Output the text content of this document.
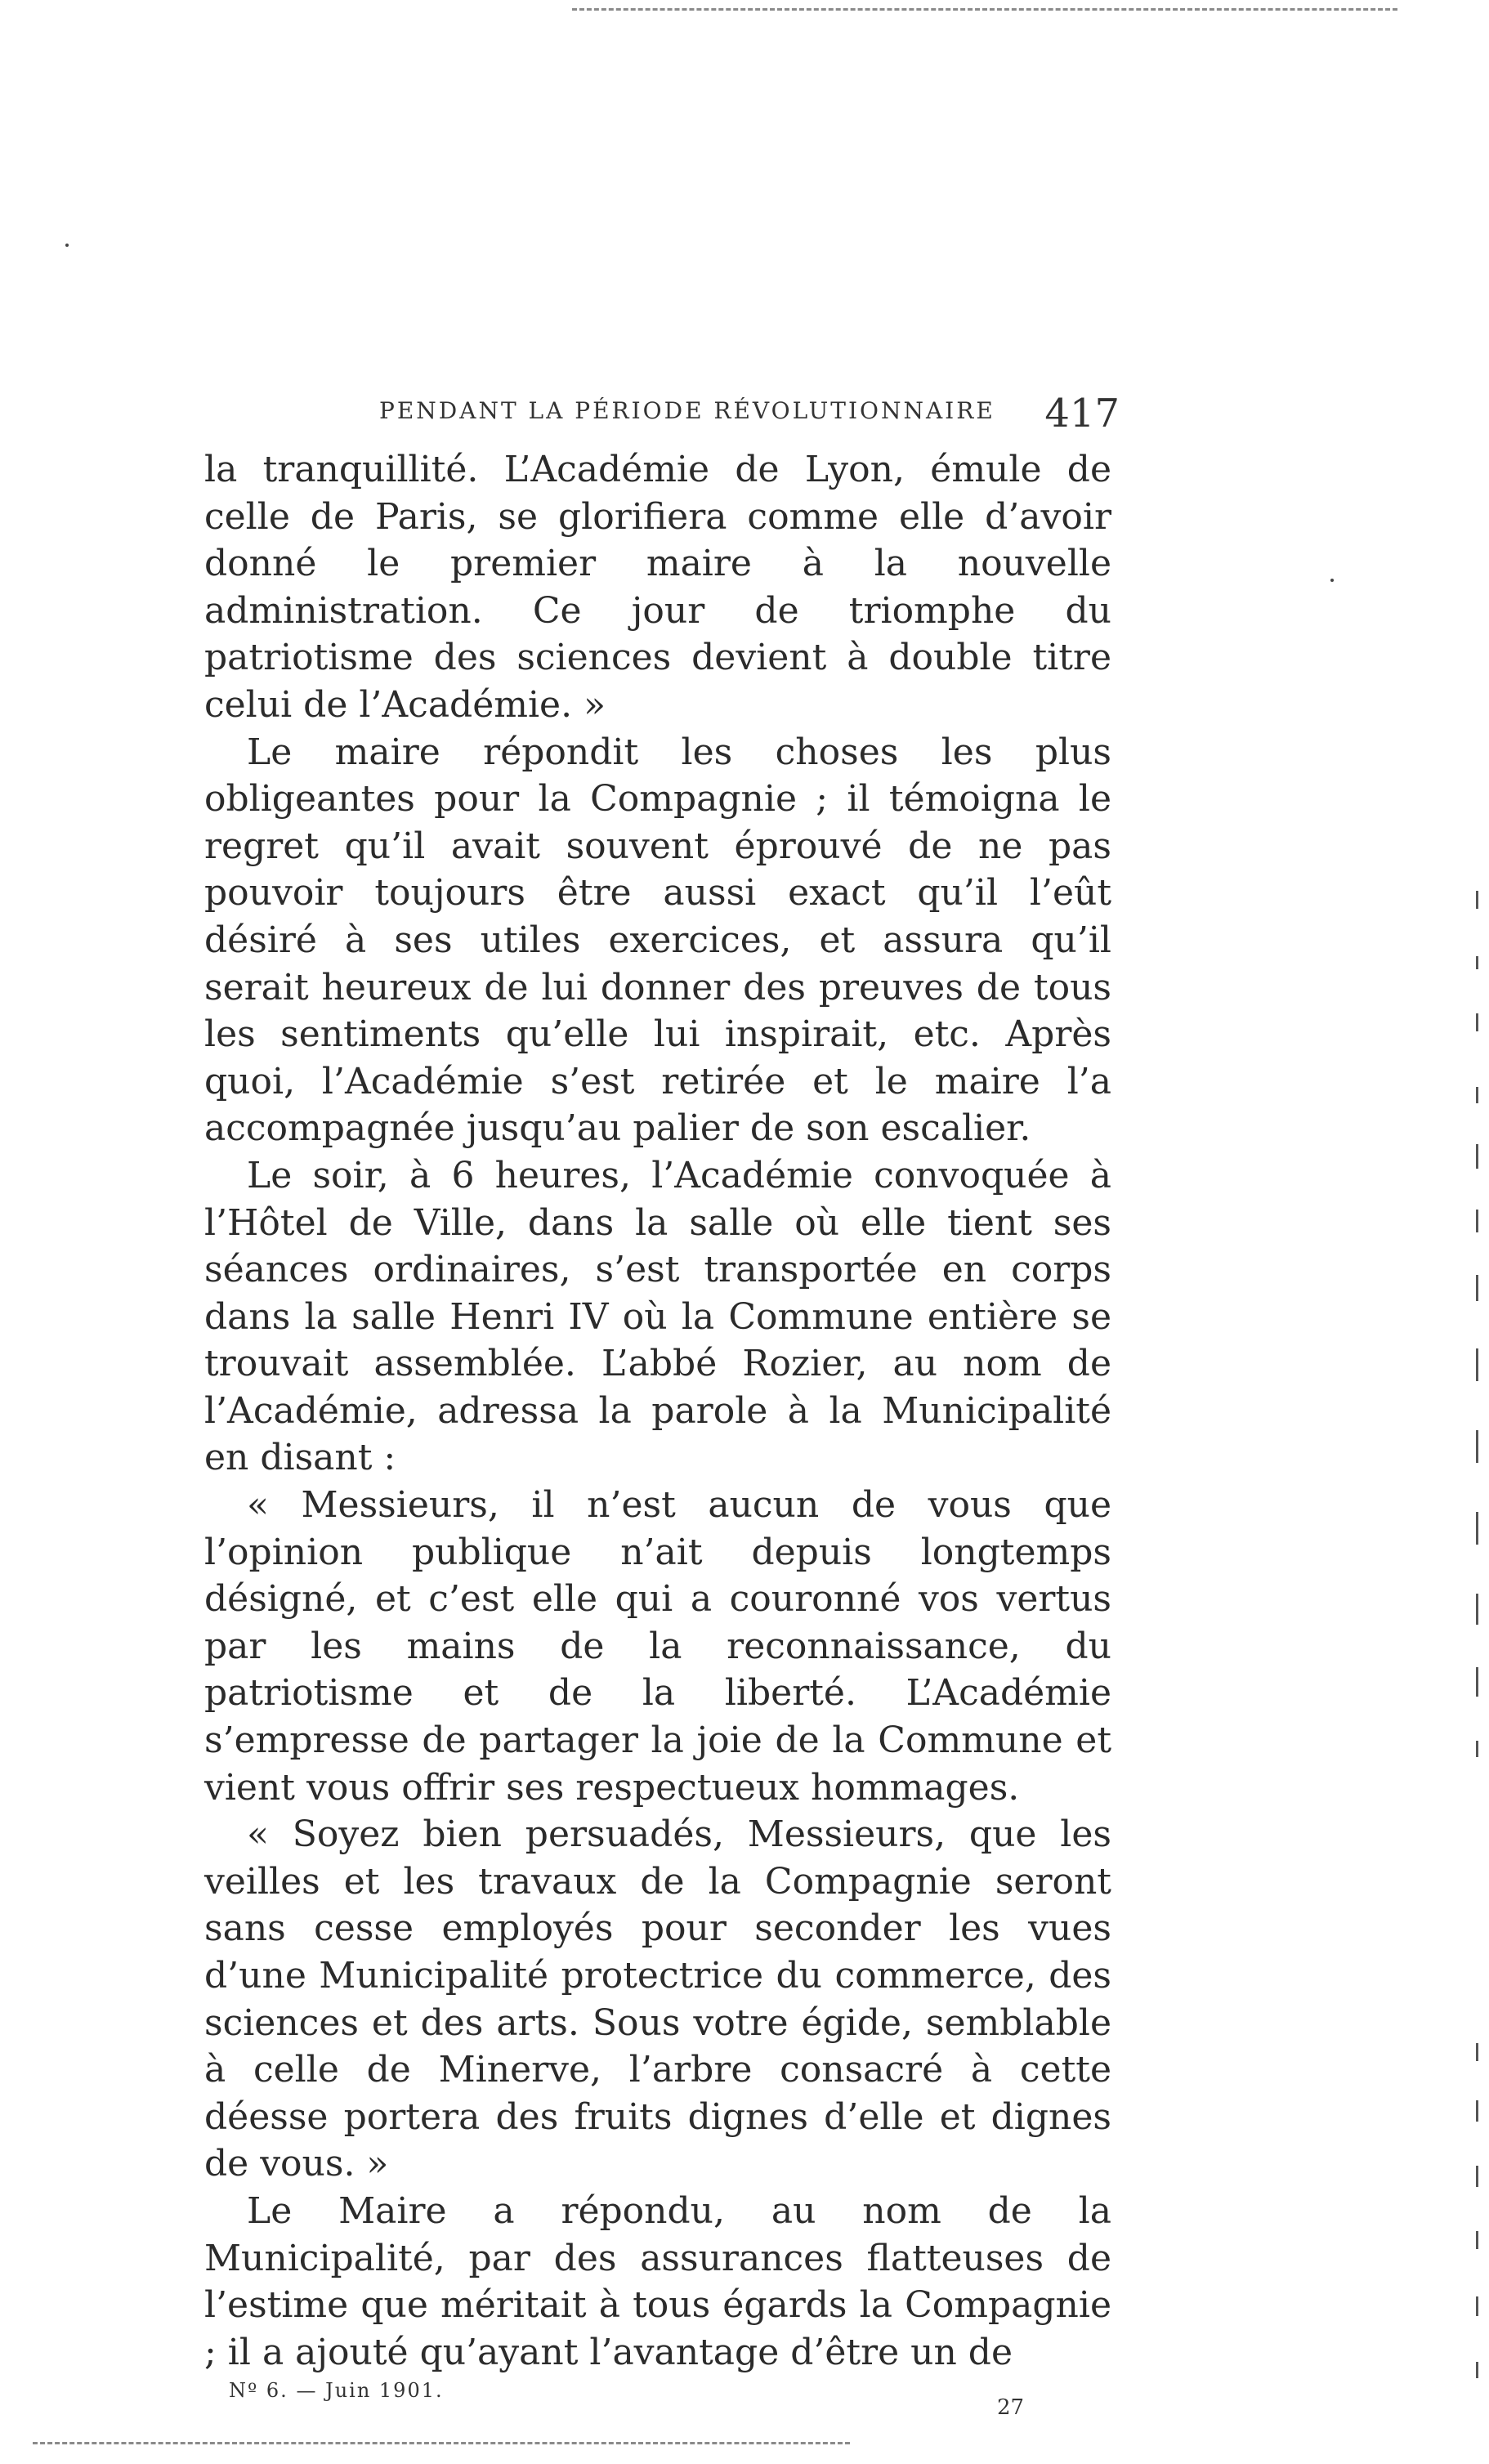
PENDANT LA PÉRIODE RÉVOLUTIONNAIRE 417

la tranquillité. L’Académie de Lyon, émule de celle de Paris, se glorifiera comme elle d’avoir donné le premier maire à la nouvelle administration. Ce jour de triomphe du patriotisme des sciences devient à double titre celui de l’Académie. »

Le maire répondit les choses les plus obligeantes pour la Compagnie ; il témoigna le regret qu’il avait souvent éprouvé de ne pas pouvoir toujours être aussi exact qu’il l’eût désiré à ses utiles exercices, et assura qu’il serait heureux de lui donner des preuves de tous les sentiments qu’elle lui inspirait, etc. Après quoi, l’Académie s’est retirée et le maire l’a accompagnée jusqu’au palier de son escalier.

Le soir, à 6 heures, l’Académie convoquée à l’Hôtel de Ville, dans la salle où elle tient ses séances ordinaires, s’est transportée en corps dans la salle Henri IV où la Commune entière se trouvait assemblée. L’abbé Rozier, au nom de l’Académie, adressa la parole à la Municipalité en disant :

« Messieurs, il n’est aucun de vous que l’opinion publique n’ait depuis longtemps désigné, et c’est elle qui a couronné vos vertus par les mains de la reconnaissance, du patriotisme et de la liberté. L’Académie s’empresse de partager la joie de la Commune et vient vous offrir ses respectueux hommages.

« Soyez bien persuadés, Messieurs, que les veilles et les travaux de la Compagnie seront sans cesse employés pour seconder les vues d’une Municipalité protectrice du commerce, des sciences et des arts. Sous votre égide, semblable à celle de Minerve, l’arbre consacré à cette déesse portera des fruits dignes d’elle et dignes de vous. »

Le Maire a répondu, au nom de la Municipalité, par des assurances flatteuses de l’estime que méritait à tous égards la Compagnie ; il a ajouté qu’ayant l’avantage d’être un de

Nº 6. — Juin 1901.
27
